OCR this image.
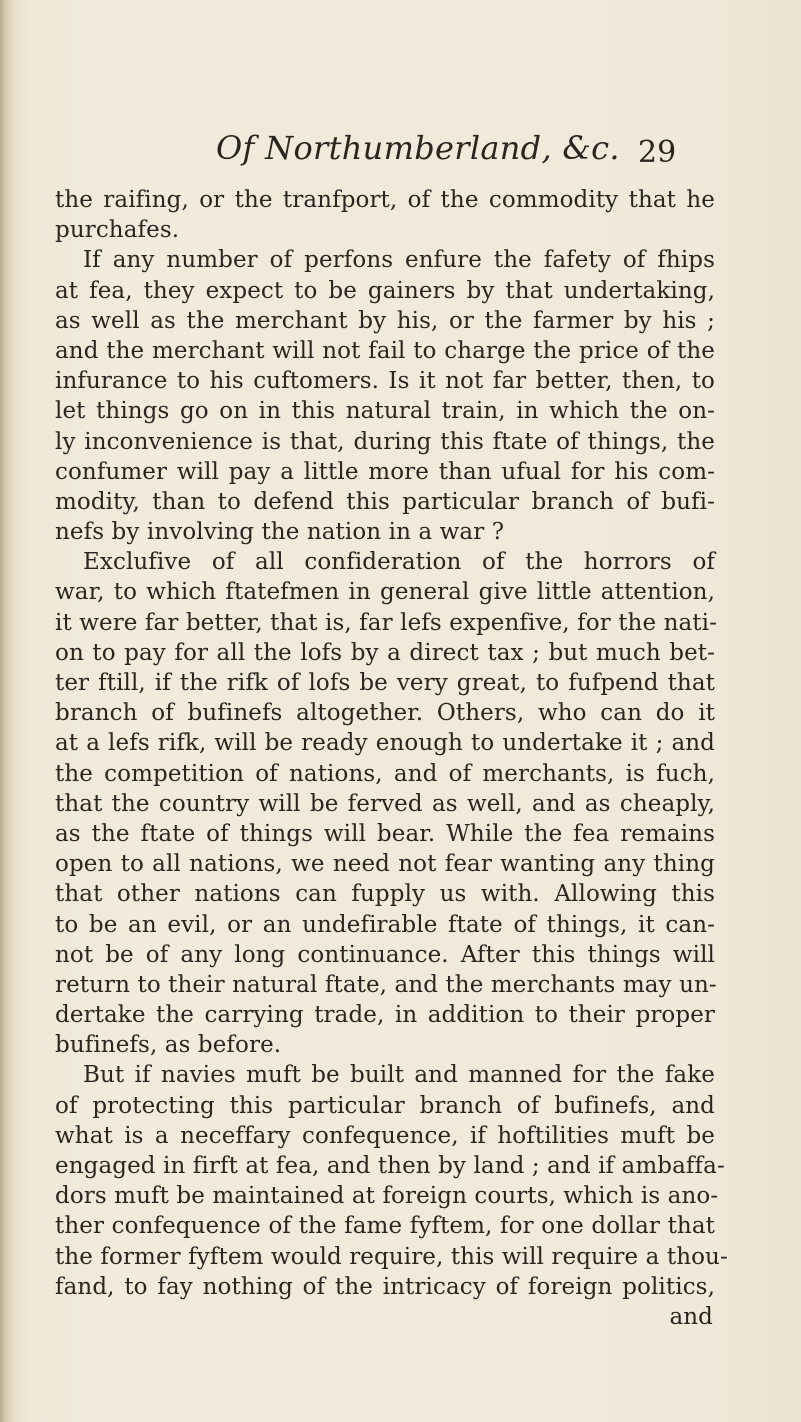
Of Northumberland, &c. 29
the raifing, or the tranfport, of the commodity that he
purchafes.
If any number of perfons enfure the fafety of fhips
at fea, they expect to be gainers by that undertaking,
as well as the merchant by his, or the farmer by his ;
and the merchant will not fail to charge the price of the
infurance to his cuftomers. Is it not far better, then, to
let things go on in this natural train, in which the on-
ly inconvenience is that, during this ftate of things, the
confumer will pay a little more than ufual for his com-
modity, than to defend this particular branch of bufi-
nefs by involving the nation in a war ?
Exclufive of all confideration of the horrors of
war, to which ftatefmen in general give little attention,
it were far better, that is, far lefs expenfive, for the nati-
on to pay for all the lofs by a direct tax ; but much bet-
ter ftill, if the rifk of lofs be very great, to fufpend that
branch of bufinefs altogether. Others, who can do it
at a lefs rifk, will be ready enough to undertake it ; and
the competition of nations, and of merchants, is fuch,
that the country will be ferved as well, and as cheaply,
as the ftate of things will bear. While the fea remains
open to all nations, we need not fear wanting any thing
that other nations can fupply us with. Allowing this
to be an evil, or an undefirable ftate of things, it can-
not be of any long continuance. After this things will
return to their natural ftate, and the merchants may un-
dertake the carrying trade, in addition to their proper
bufinefs, as before.
But if navies muft be built and manned for the fake
of protecting this particular branch of bufinefs, and
what is a neceffary confequence, if hoftilities muft be
engaged in firft at fea, and then by land ; and if ambaffa-
dors muft be maintained at foreign courts, which is ano-
ther confequence of the fame fyftem, for one dollar that
the former fyftem would require, this will require a thou-
fand, to fay nothing of the intricacy of foreign politics,
and
